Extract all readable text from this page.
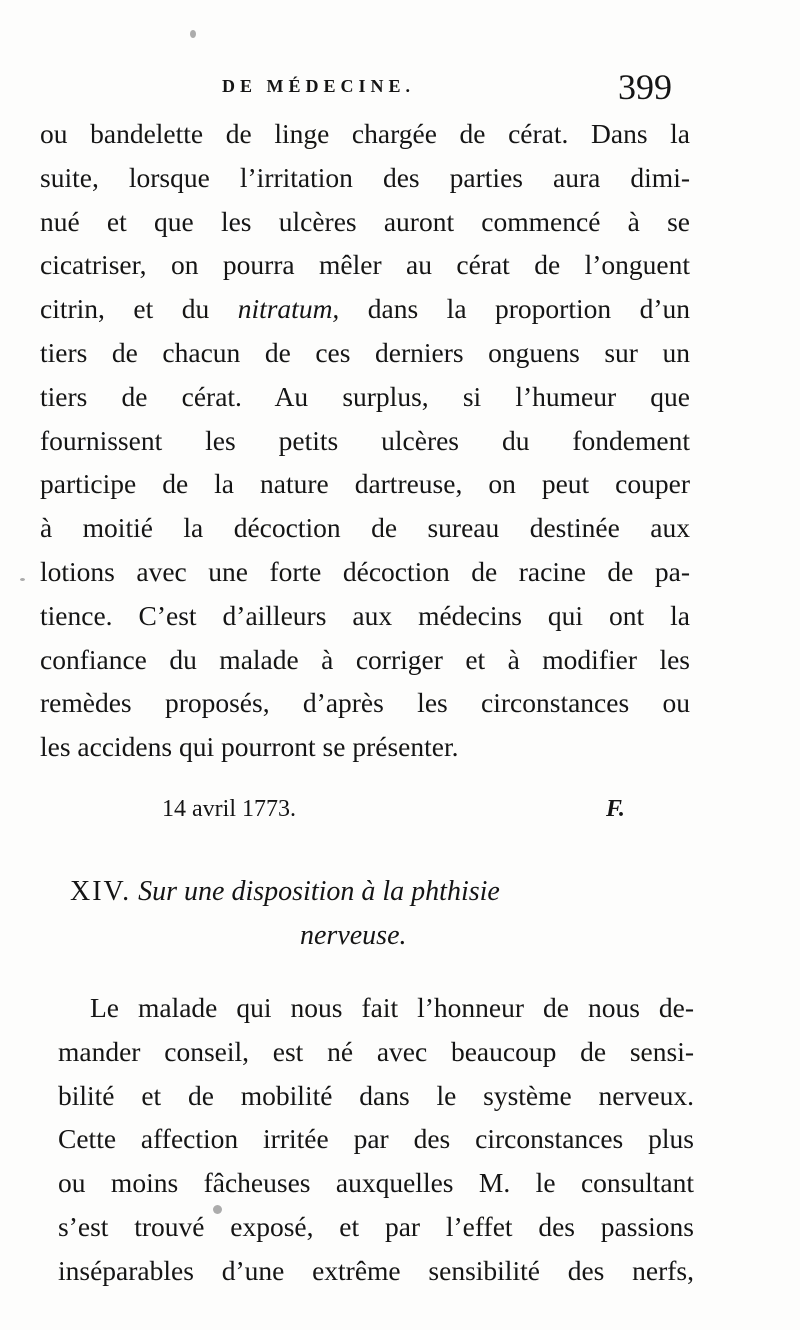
DE MÉDECINE.	399
ou bandelette de linge chargée de cérat. Dans la
suite, lorsque l’irritation des parties aura dimi-
nué et que les ulcères auront commencé à se
cicatriser, on pourra mêler au cérat de l’onguent
citrin, et du nitratum, dans la proportion d’un
tiers de chacun de ces derniers onguens sur un
tiers de cérat. Au surplus, si l’humeur que
fournissent les petits ulcères du fondement
participe de la nature dartreuse, on peut couper
à moitié la décoction de sureau destinée aux
lotions avec une forte décoction de racine de pa-
tience. C’est d’ailleurs aux médecins qui ont la
confiance du malade à corriger et à modifier les
remèdes proposés, d’après les circonstances ou
les accidens qui pourront se présenter.
14 avril 1773.	F.
XIV. Sur une disposition à la phthisie
nerveuse.
Le malade qui nous fait l’honneur de nous de-
mander conseil, est né avec beaucoup de sensi-
bilité et de mobilité dans le système nerveux.
Cette affection irritée par des circonstances plus
ou moins fâcheuses auxquelles M. le consultant
s’est trouvé exposé, et par l’effet des passions
inséparables d’une extrême sensibilité des nerfs,
